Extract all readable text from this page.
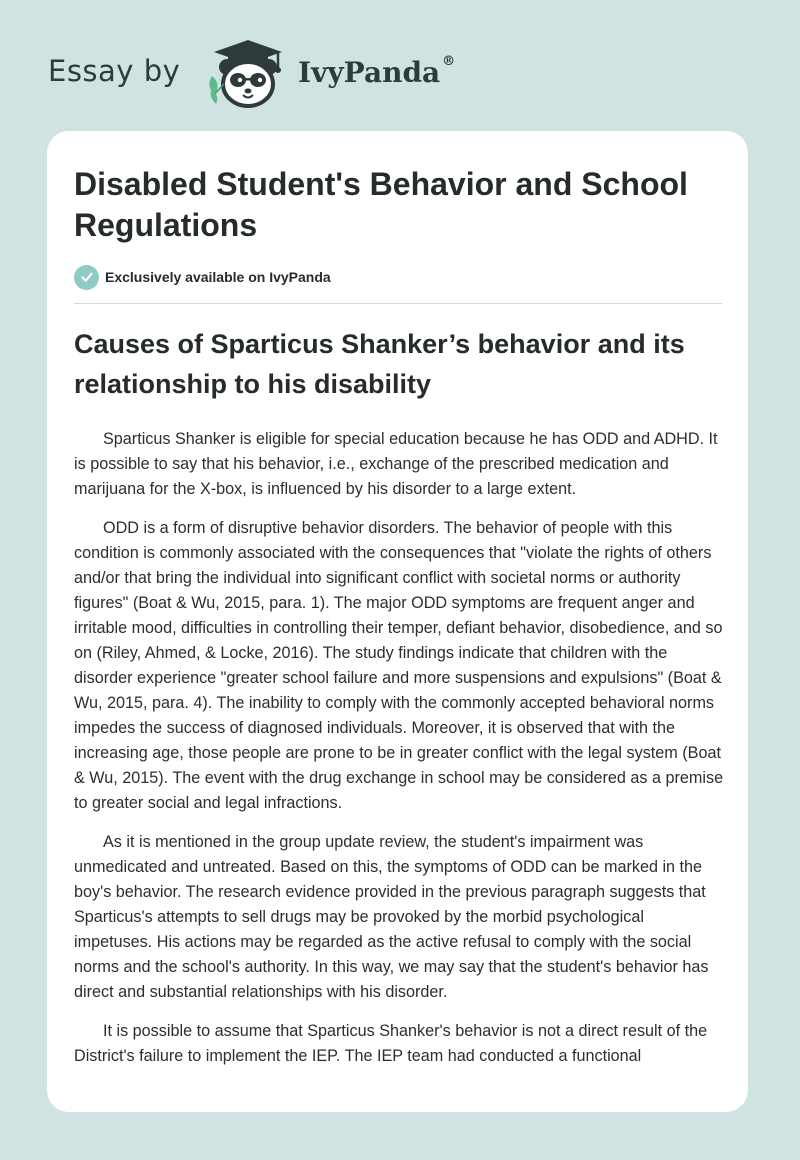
Essay by	IvyPanda ®
Disabled Student's Behavior and School Regulations
Exclusively available on IvyPanda
Causes of Sparticus Shanker’s behavior and its relationship to his disability

Sparticus Shanker is eligible for special education because he has ODD and ADHD. It is possible to say that his behavior, i.e., exchange of the prescribed medication and marijuana for the X-box, is influenced by his disorder to a large extent.

ODD is a form of disruptive behavior disorders. The behavior of people with this condition is commonly associated with the consequences that "violate the rights of others and/or that bring the individual into significant conflict with societal norms or authority figures" (Boat & Wu, 2015, para. 1). The major ODD symptoms are frequent anger and irritable mood, difficulties in controlling their temper, defiant behavior, disobedience, and so on (Riley, Ahmed, & Locke, 2016). The study findings indicate that children with the disorder experience "greater school failure and more suspensions and expulsions" (Boat & Wu, 2015, para. 4). The inability to comply with the commonly accepted behavioral norms impedes the success of diagnosed individuals. Moreover, it is observed that with the increasing age, those people are prone to be in greater conflict with the legal system (Boat & Wu, 2015). The event with the drug exchange in school may be considered as a premise to greater social and legal infractions.

As it is mentioned in the group update review, the student's impairment was unmedicated and untreated. Based on this, the symptoms of ODD can be marked in the boy's behavior. The research evidence provided in the previous paragraph suggests that Sparticus's attempts to sell drugs may be provoked by the morbid psychological impetuses. His actions may be regarded as the active refusal to comply with the social norms and the school's authority. In this way, we may say that the student's behavior has direct and substantial relationships with his disorder.

It is possible to assume that Sparticus Shanker's behavior is not a direct result of the District's failure to implement the IEP. The IEP team had conducted a functional
